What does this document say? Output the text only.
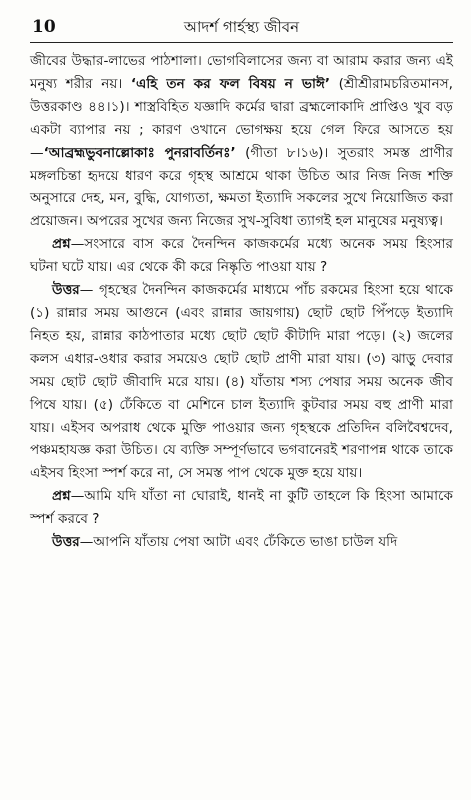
10	আদর্শ গার্হস্থ্য জীবন

জীবের উদ্ধার-লাভের পাঠশালা। ভোগবিলাসের জন্য বা আরাম করার জন্য এই মনুষ্য শরীর নয়। ‘এহি তন কর ফল বিষয় ন ভাঈ’ (শ্রীশ্রীরামচরিতমানস, উত্তরকাণ্ড ৪৪।১)। শাস্ত্রবিহিত যজ্ঞাদি কর্মের দ্বারা ব্রহ্মলোকাদি প্রাপ্তিও খুব বড় একটা ব্যাপার নয় ; কারণ ওখানে ভোগক্ষয় হয়ে গেল ফিরে আসতে হয়—‘আব্রহ্মভুবনাল্লোকাঃ পুনরাবর্তিনঃ’ (গীতা ৮।১৬)। সুতরাং সমস্ত প্রাণীর মঙ্গলচিন্তা হৃদয়ে ধারণ করে গৃহস্থ আশ্রমে থাকা উচিত আর নিজ নিজ শক্তি অনুসারে দেহ, মন, বুদ্ধি, যোগ্যতা, ক্ষমতা ইত্যাদি সকলের সুখে নিয়োজিত করা প্রয়োজন। অপরের সুখের জন্য নিজের সুখ-সুবিধা ত্যাগই হল মানুষের মনুষ্যত্ব।

প্রশ্ন—সংসারে বাস করে দৈনন্দিন কাজকর্মের মধ্যে অনেক সময় হিংসার ঘটনা ঘটে যায়। এর থেকে কী করে নিষ্কৃতি পাওয়া যায় ?

উত্তর— গৃহস্থের দৈনন্দিন কাজকর্মের মাধ্যমে পাঁচ রকমের হিংসা হয়ে থাকে (১) রান্নার সময় আগুনে (এবং রান্নার জায়গায়) ছোট ছোট পিঁপড়ে ইত্যাদি নিহত হয়, রান্নার কাঠপাতার মধ্যে ছোট ছোট কীটাদি মারা পড়ে। (২) জলের কলস এধার-ওধার করার সময়েও ছোট ছোট প্রাণী মারা যায়। (৩) ঝাড়ু দেবার সময় ছোট ছোট জীবাদি মরে যায়। (৪) যাঁতায় শস্য পেষার সময় অনেক জীব পিষে যায়। (৫) ঢেঁকিতে বা মেশিনে চাল ইত্যাদি কুটবার সময় বহু প্রাণী মারা যায়। এইসব অপরাধ থেকে মুক্তি পাওয়ার জন্য গৃহস্থকে প্রতিদিন বলিবৈশ্বদেব, পঞ্চমহাযজ্ঞ করা উচিত। যে ব্যক্তি সম্পূর্ণভাবে ভগবানেরই শরণাপন্ন থাকে তাকে এইসব হিংসা স্পর্শ করে না, সে সমস্ত পাপ থেকে মুক্ত হয়ে যায়।

প্রশ্ন—আমি যদি যাঁতা না ঘোরাই, ধানই না কুটি তাহলে কি হিংসা আমাকে স্পর্শ করবে ?

উত্তর—আপনি যাঁতায় পেষা আটা এবং ঢেঁকিতে ভাঙা চাউল যদি
